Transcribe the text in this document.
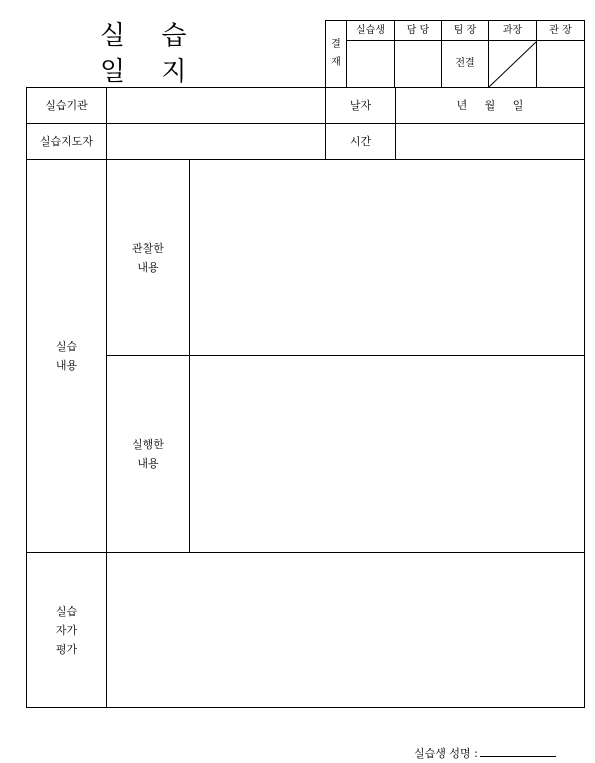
실 습 일 지
결
재	실습생	담 당	팀 장	과장	관 장
			전결	

실습기관			날자	년     월     일
실습지도자			시간	
실습
내용	관찰한
내용			
	실행한
내용			
실습
자가
평가				
실습생 성명 :
